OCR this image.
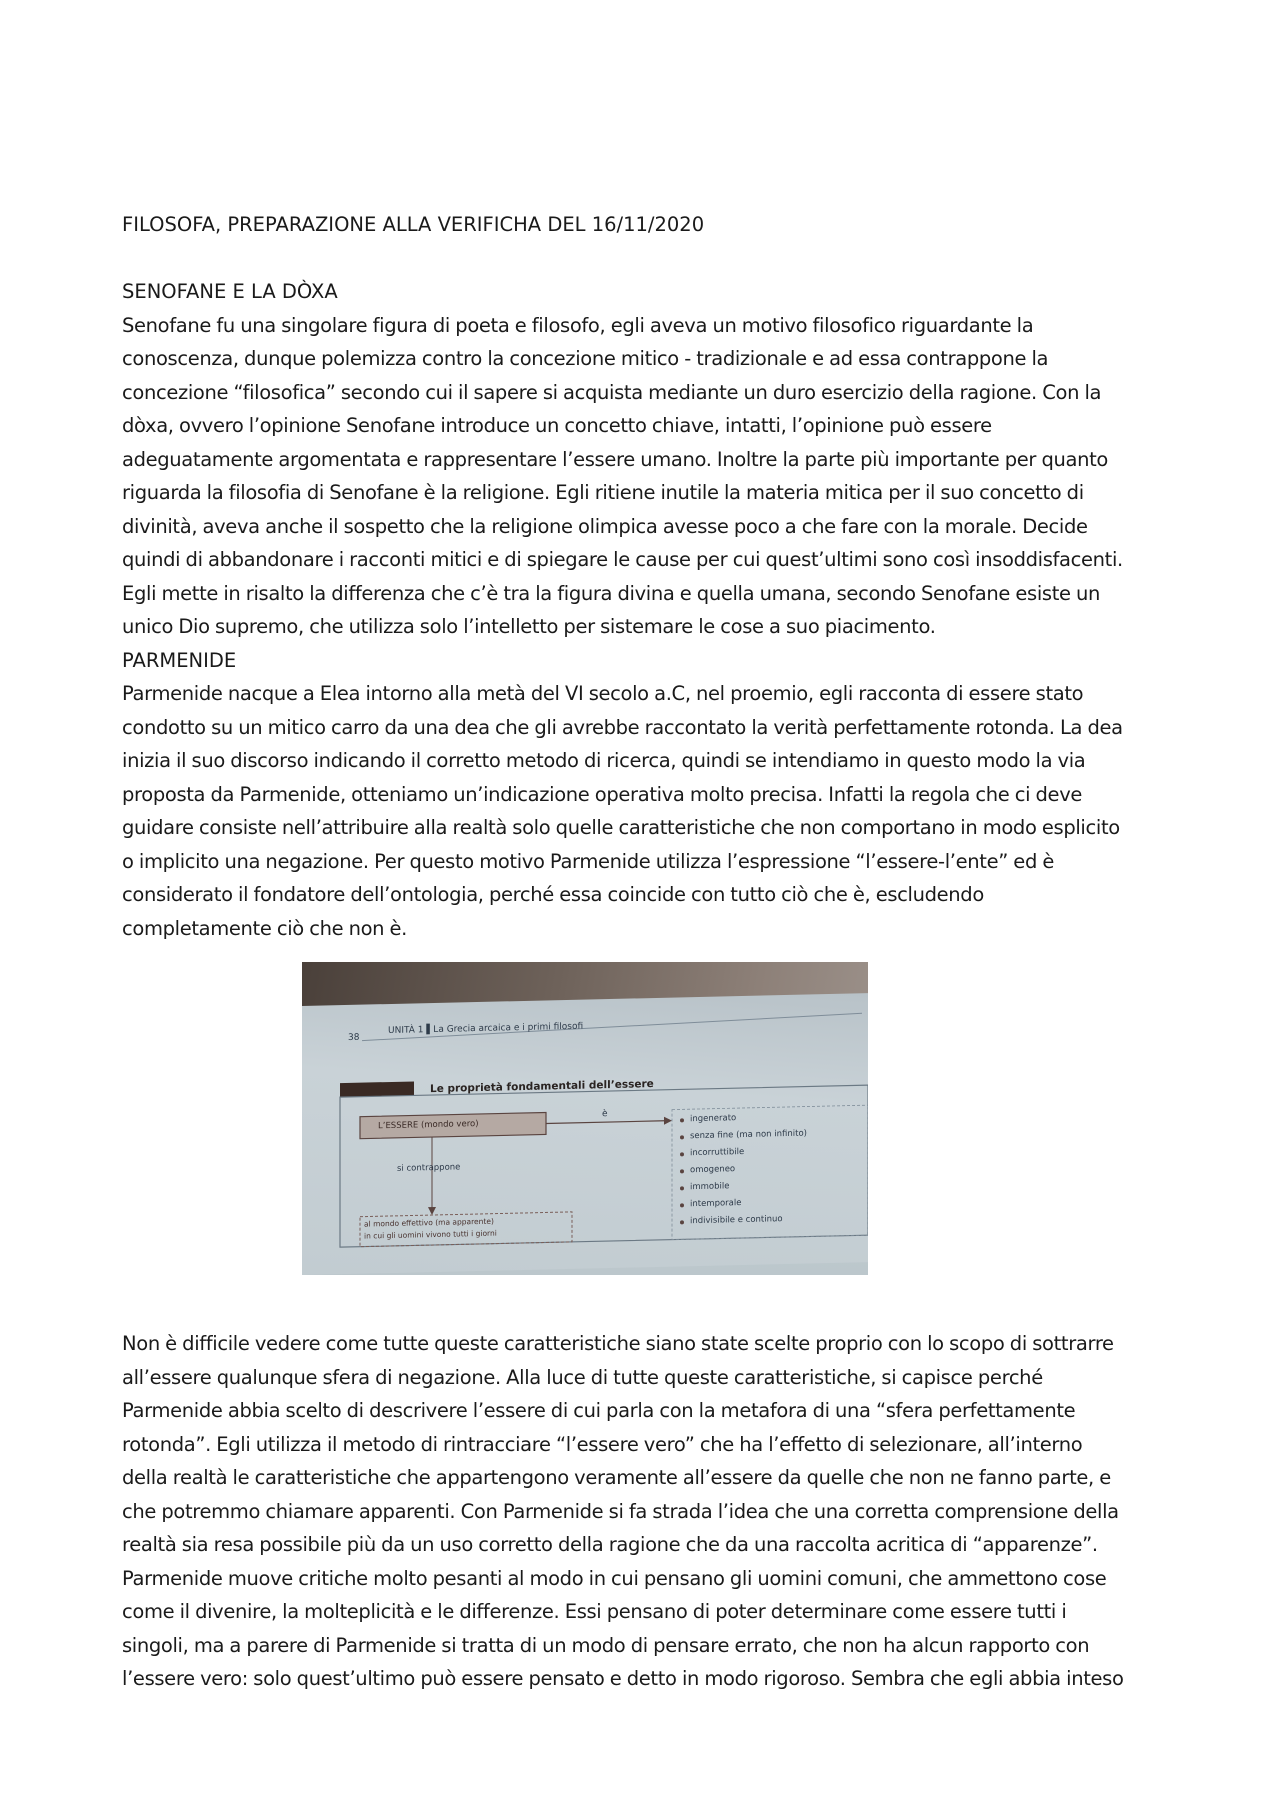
FILOSOFA, PREPARAZIONE ALLA VERIFICHA DEL 16/11/2020

SENOFANE E LA DÒXA

Senofane fu una singolare figura di poeta e filosofo, egli aveva un motivo filosofico riguardante la
conoscenza, dunque polemizza contro la concezione mitico - tradizionale e ad essa contrappone la
concezione “filosofica” secondo cui il sapere si acquista mediante un duro esercizio della ragione. Con la
dòxa, ovvero l’opinione Senofane introduce un concetto chiave, intatti, l’opinione può essere
adeguatamente argomentata e rappresentare l’essere umano. Inoltre la parte più importante per quanto
riguarda la filosofia di Senofane è la religione. Egli ritiene inutile la materia mitica per il suo concetto di
divinità, aveva anche il sospetto che la religione olimpica avesse poco a che fare con la morale. Decide
quindi di abbandonare i racconti mitici e di spiegare le cause per cui quest’ultimi sono così insoddisfacenti.
Egli mette in risalto la differenza che c’è tra la figura divina e quella umana, secondo Senofane esiste un
unico Dio supremo, che utilizza solo l’intelletto per sistemare le cose a suo piacimento.

PARMENIDE

Parmenide nacque a Elea intorno alla metà del VI secolo a.C, nel proemio, egli racconta di essere stato
condotto su un mitico carro da una dea che gli avrebbe raccontato la verità perfettamente rotonda. La dea
inizia il suo discorso indicando il corretto metodo di ricerca, quindi se intendiamo in questo modo la via
proposta da Parmenide, otteniamo un’indicazione operativa molto precisa. Infatti la regola che ci deve
guidare consiste nell’attribuire alla realtà solo quelle caratteristiche che non comportano in modo esplicito
o implicito una negazione. Per questo motivo Parmenide utilizza l’espressione “l’essere-l’ente” ed è
considerato il fondatore dell’ontologia, perché essa coincide con tutto ciò che è, escludendo
completamente ciò che non è.

38
UNITÀ 1 ▌La Grecia arcaica e i primi filosofi
Le proprietà fondamentali dell’essere
L’ESSERE (mondo vero)
è
si contrappone
al mondo effettivo (ma apparente)
in cui gli uomini vivono tutti i giorni
ingenerato
senza fine (ma non infinito)
incorruttibile
omogeneo
immobile
intemporale
indivisibile e continuo

Non è difficile vedere come tutte queste caratteristiche siano state scelte proprio con lo scopo di sottrarre
all’essere qualunque sfera di negazione. Alla luce di tutte queste caratteristiche, si capisce perché
Parmenide abbia scelto di descrivere l’essere di cui parla con la metafora di una “sfera perfettamente
rotonda”. Egli utilizza il metodo di rintracciare “l’essere vero” che ha l’effetto di selezionare, all’interno
della realtà le caratteristiche che appartengono veramente all’essere da quelle che non ne fanno parte, e
che potremmo chiamare apparenti. Con Parmenide si fa strada l’idea che una corretta comprensione della
realtà sia resa possibile più da un uso corretto della ragione che da una raccolta acritica di “apparenze”.
Parmenide muove critiche molto pesanti al modo in cui pensano gli uomini comuni, che ammettono cose
come il divenire, la molteplicità e le differenze. Essi pensano di poter determinare come essere tutti i
singoli, ma a parere di Parmenide si tratta di un modo di pensare errato, che non ha alcun rapporto con
l’essere vero: solo quest’ultimo può essere pensato e detto in modo rigoroso. Sembra che egli abbia inteso
